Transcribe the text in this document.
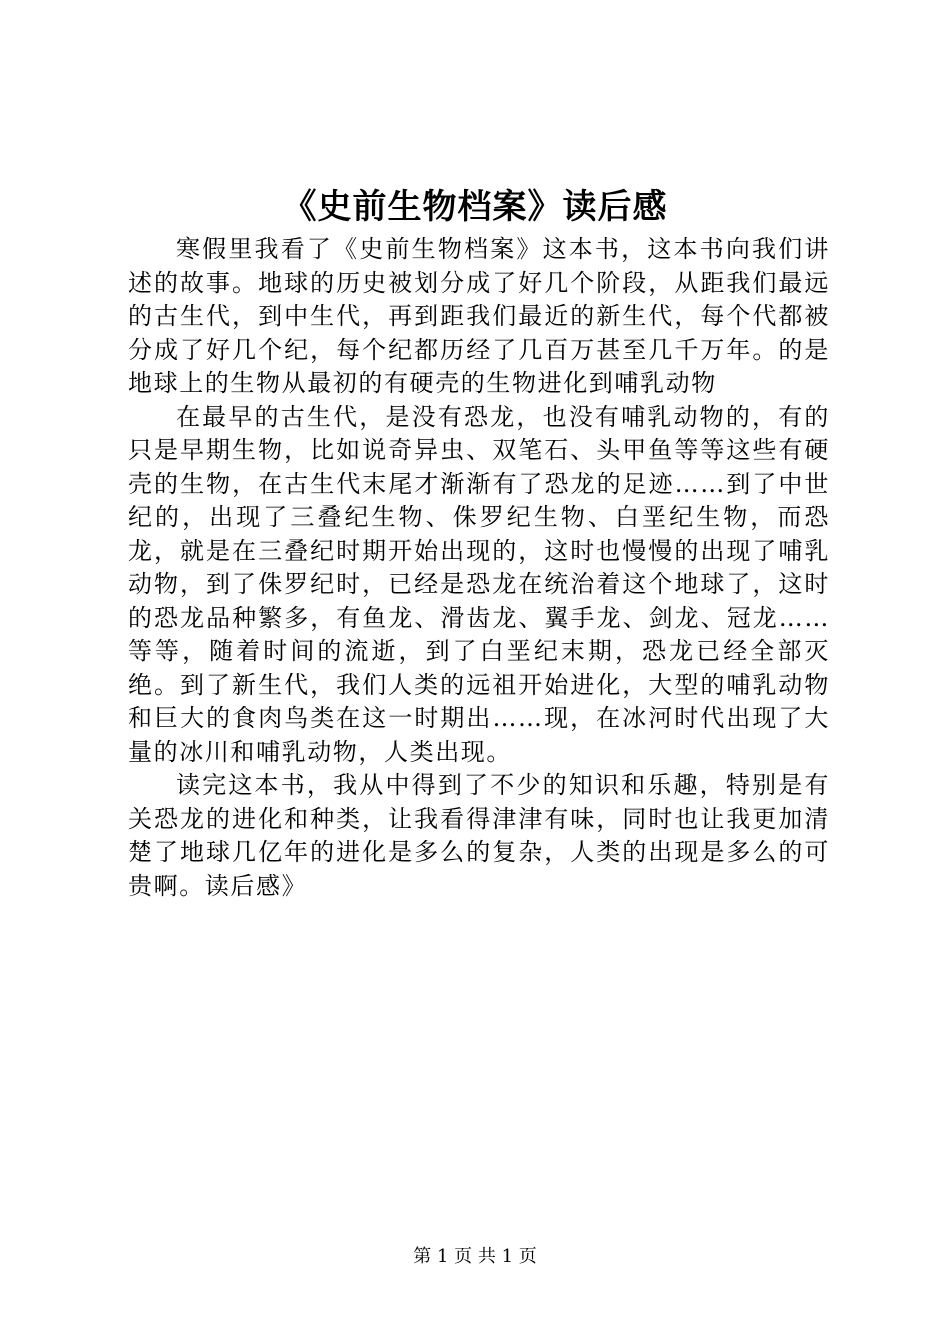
《史前生物档案》读后感

寒假里我看了《史前生物档案》这本书，这本书向我们讲述的故事。地球的历史被划分成了好几个阶段，从距我们最远的古生代，到中生代，再到距我们最近的新生代，每个代都被分成了好几个纪，每个纪都历经了几百万甚至几千万年。的是地球上的生物从最初的有硬壳的生物进化到哺乳动物

在最早的古生代，是没有恐龙，也没有哺乳动物的，有的只是早期生物，比如说奇异虫、双笔石、头甲鱼等等这些有硬壳的生物，在古生代末尾才渐渐有了恐龙的足迹……到了中世纪的，出现了三叠纪生物、侏罗纪生物、白垩纪生物，而恐龙，就是在三叠纪时期开始出现的，这时也慢慢的出现了哺乳动物，到了侏罗纪时，已经是恐龙在统治着这个地球了，这时的恐龙品种繁多，有鱼龙、滑齿龙、翼手龙、剑龙、冠龙……等等，随着时间的流逝，到了白垩纪末期，恐龙已经全部灭绝。到了新生代，我们人类的远祖开始进化，大型的哺乳动物和巨大的食肉鸟类在这一时期出……现，在冰河时代出现了大量的冰川和哺乳动物，人类出现。

读完这本书，我从中得到了不少的知识和乐趣，特别是有关恐龙的进化和种类，让我看得津津有味，同时也让我更加清楚了地球几亿年的进化是多么的复杂，人类的出现是多么的可贵啊。读后感》

第 1 页 共 1 页
